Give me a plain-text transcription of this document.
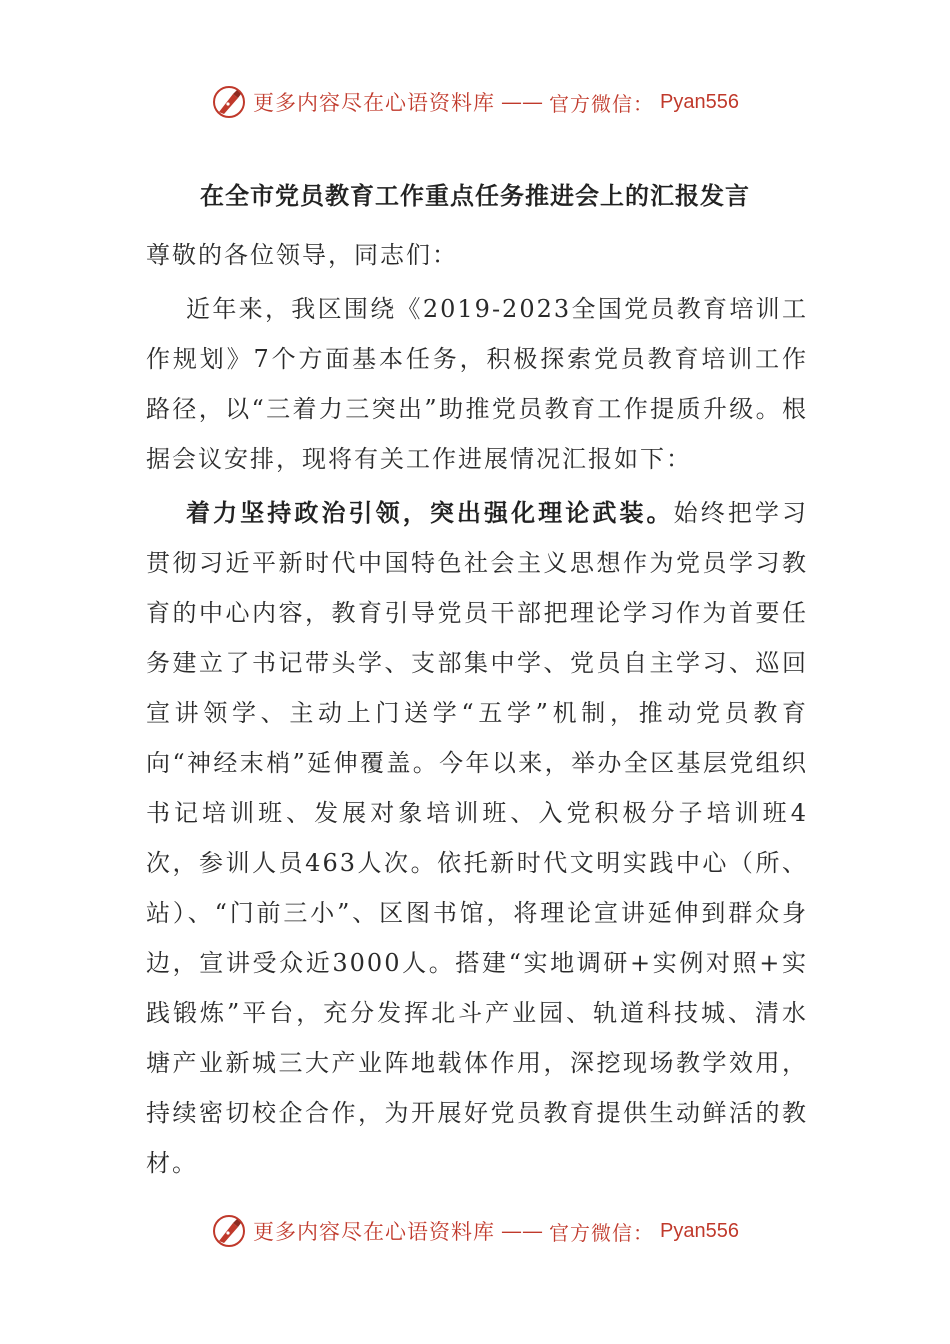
更多内容尽在心语资料库 —— 官方微信： Pyan556
在全市党员教育工作重点任务推进会上的汇报发言

尊敬的各位领导，同志们：

近年来，我区围绕《2019-2023全国党员教育培训工作规划》7个方面基本任务，积极探索党员教育培训工作路径，以“三着力三突出”助推党员教育工作提质升级。根据会议安排，现将有关工作进展情况汇报如下：

着力坚持政治引领，突出强化理论武装。始终把学习贯彻习近平新时代中国特色社会主义思想作为党员学习教育的中心内容，教育引导党员干部把理论学习作为首要任务建立了书记带头学、支部集中学、党员自主学习、巡回宣讲领学、主动上门送学“五学”机制，推动党员教育向“神经末梢”延伸覆盖。今年以来，举办全区基层党组织书记培训班、发展对象培训班、入党积极分子培训班4次，参训人员463人次。依托新时代文明实践中心（所、站）、“门前三小”、区图书馆，将理论宣讲延伸到群众身边，宣讲受众近3000人。搭建“实地调研+实例对照+实践锻炼”平台，充分发挥北斗产业园、轨道科技城、清水塘产业新城三大产业阵地载体作用，深挖现场教学效用，持续密切校企合作，为开展好党员教育提供生动鲜活的教材。

更多内容尽在心语资料库 —— 官方微信： Pyan556
